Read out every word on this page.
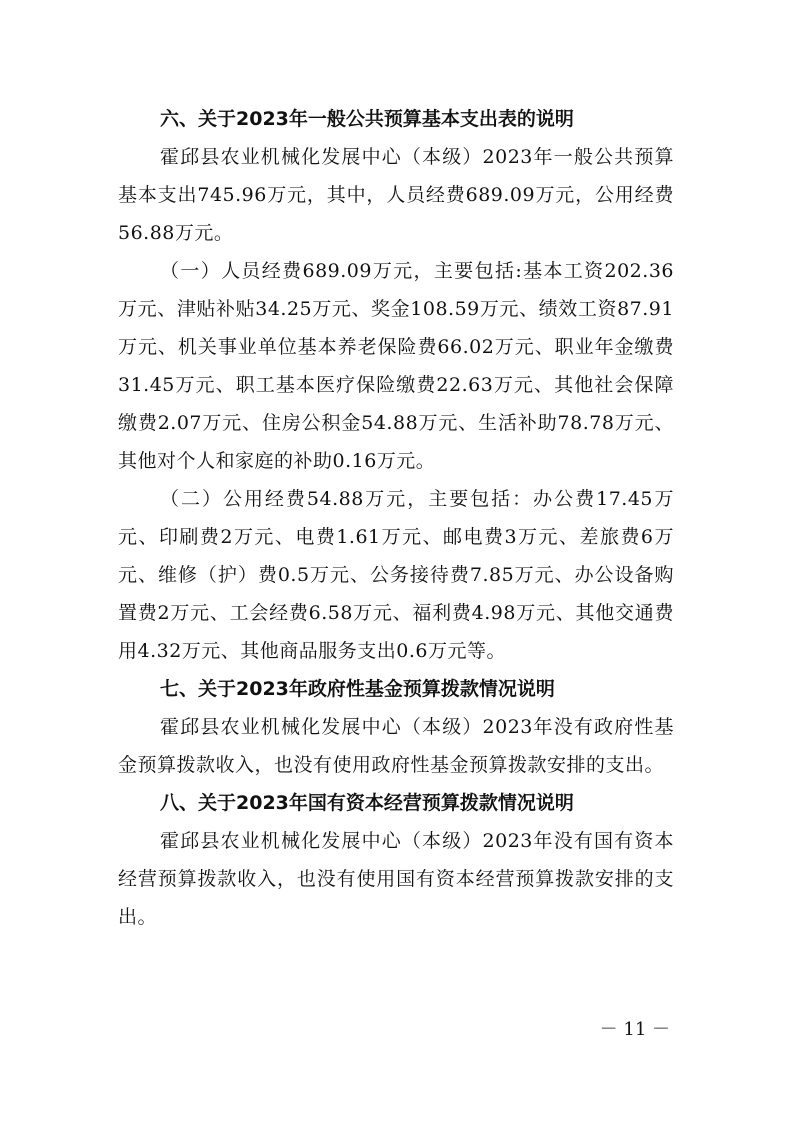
六、关于2023年一般公共预算基本支出表的说明

霍邱县农业机械化发展中心（本级）2023年一般公共预算基本支出745.96万元，其中，人员经费689.09万元，公用经费56.88万元。

（一）人员经费689.09万元，主要包括:基本工资202.36万元、津贴补贴34.25万元、奖金108.59万元、绩效工资87.91万元、机关事业单位基本养老保险费66.02万元、职业年金缴费31.45万元、职工基本医疗保险缴费22.63万元、其他社会保障缴费2.07万元、住房公积金54.88万元、生活补助78.78万元、其他对个人和家庭的补助0.16万元。

（二）公用经费54.88万元，主要包括：办公费17.45万元、印刷费2万元、电费1.61万元、邮电费3万元、差旅费6万元、维修（护）费0.5万元、公务接待费7.85万元、办公设备购置费2万元、工会经费6.58万元、福利费4.98万元、其他交通费用4.32万元、其他商品服务支出0.6万元等。

七、关于2023年政府性基金预算拨款情况说明

霍邱县农业机械化发展中心（本级）2023年没有政府性基金预算拨款收入，也没有使用政府性基金预算拨款安排的支出。

八、关于2023年国有资本经营预算拨款情况说明

霍邱县农业机械化发展中心（本级）2023年没有国有资本经营预算拨款收入，也没有使用国有资本经营预算拨款安排的支出。

－ 11 －
